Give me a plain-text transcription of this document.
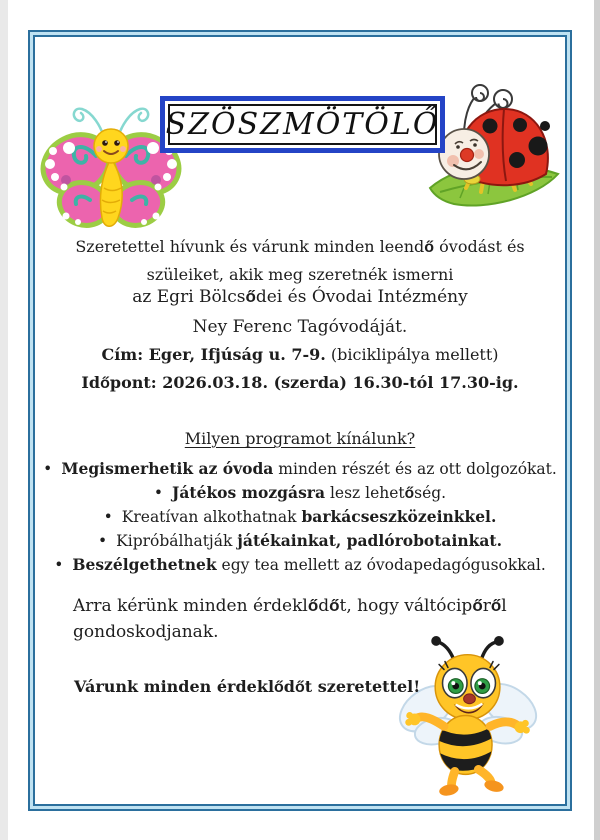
SZÖSZMÖTÖLŐ
Szeretettel hívunk és várunk minden leendő óvodást és
szüleiket, akik meg szeretnék ismerni
az Egri Bölcsődei és Óvodai Intézmény
Ney Ferenc Tagóvodáját.
Cím: Eger, Ifjúság u. 7-9. (biciklipálya mellett)
Időpont: 2026.03.18. (szerda) 16.30-tól 17.30-ig.
Milyen programot kínálunk?
• Megismerhetik az óvoda minden részét és az ott dolgozókat.
• Játékos mozgásra lesz lehetőség.
• Kreatívan alkothatnak barkácseszközeinkkel.
• Kipróbálhatják játékainkat, padlórobotainkat.
• Beszélgethetnek egy tea mellett az óvodapedagógusokkal.
Arra kérünk minden érdeklődőt, hogy váltócipőről
gondoskodjanak.
Várunk minden érdeklődőt szeretettel!
